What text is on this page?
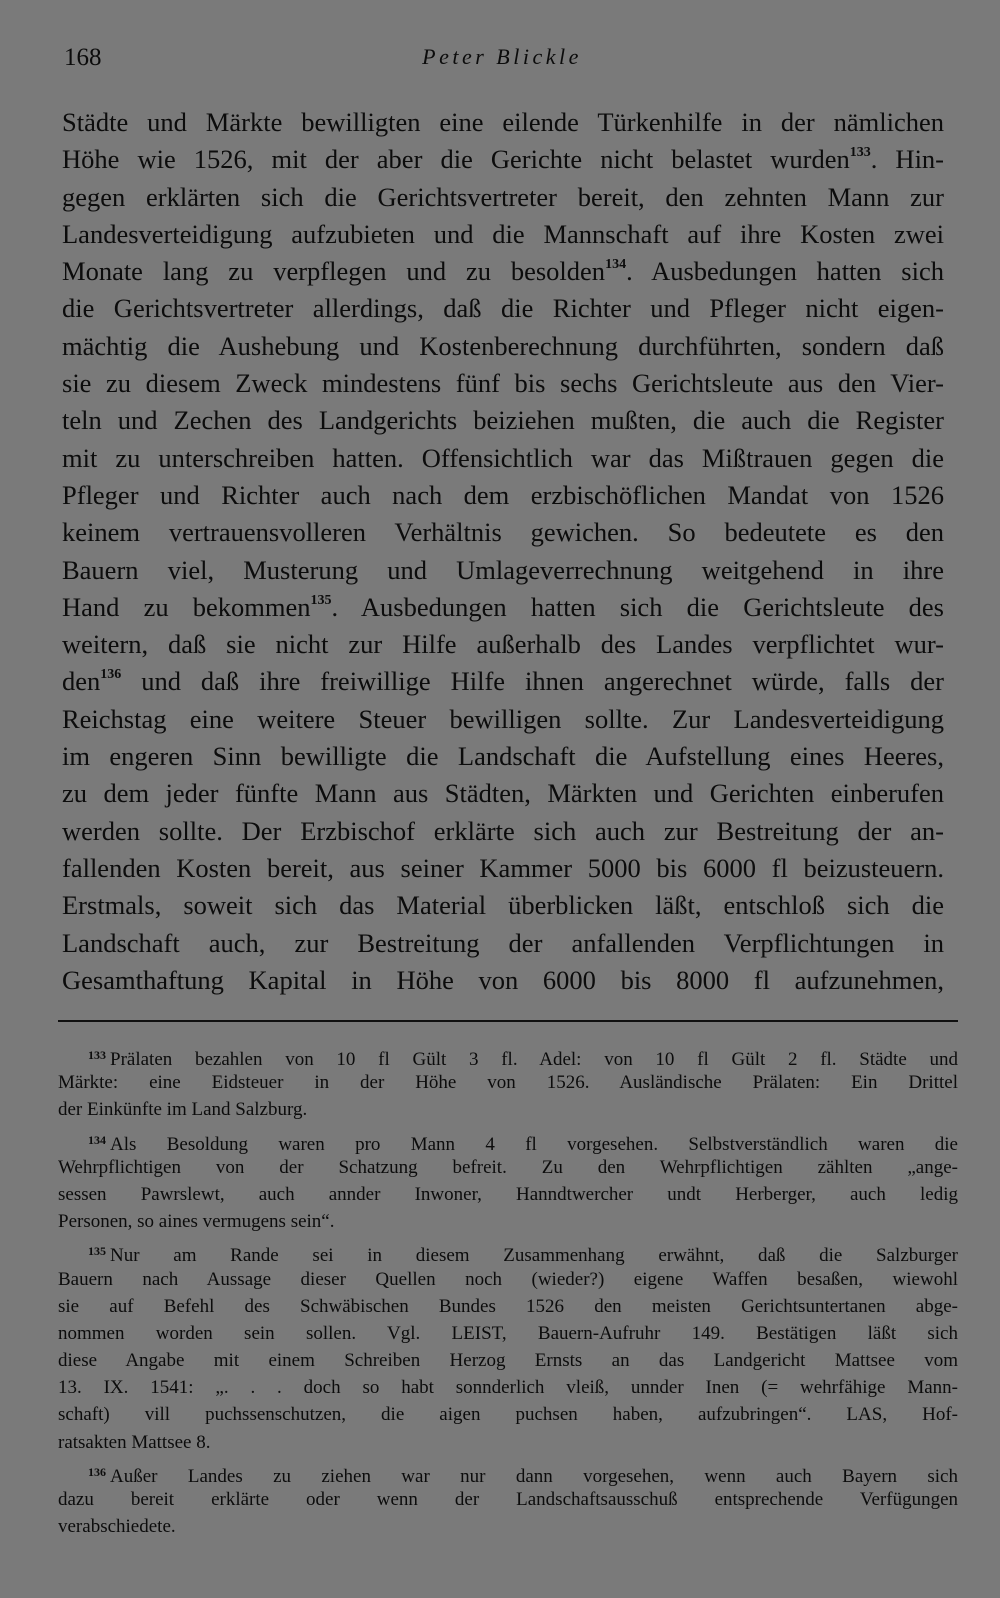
168	Peter Blickle
Städte und Märkte bewilligten eine eilende Türkenhilfe in der nämlichen
Höhe wie 1526, mit der aber die Gerichte nicht belastet wurden$^{133}$. Hin-
gegen erklärten sich die Gerichtsvertreter bereit, den zehnten Mann zur
Landesverteidigung aufzubieten und die Mannschaft auf ihre Kosten zwei
Monate lang zu verpflegen und zu besolden$^{134}$. Ausbedungen hatten sich
die Gerichtsvertreter allerdings, daß die Richter und Pfleger nicht eigen-
mächtig die Aushebung und Kostenberechnung durchführten, sondern daß
sie zu diesem Zweck mindestens fünf bis sechs Gerichtsleute aus den Vier-
teln und Zechen des Landgerichts beiziehen mußten, die auch die Register
mit zu unterschreiben hatten. Offensichtlich war das Mißtrauen gegen die
Pfleger und Richter auch nach dem erzbischöflichen Mandat von 1526
keinem vertrauensvolleren Verhältnis gewichen. So bedeutete es den
Bauern viel, Musterung und Umlageverrechnung weitgehend in ihre
Hand zu bekommen$^{135}$. Ausbedungen hatten sich die Gerichtsleute des
weitern, daß sie nicht zur Hilfe außerhalb des Landes verpflichtet wur-
den$^{136}$ und daß ihre freiwillige Hilfe ihnen angerechnet würde, falls der
Reichstag eine weitere Steuer bewilligen sollte. Zur Landesverteidigung
im engeren Sinn bewilligte die Landschaft die Aufstellung eines Heeres,
zu dem jeder fünfte Mann aus Städten, Märkten und Gerichten einberufen
werden sollte. Der Erzbischof erklärte sich auch zur Bestreitung der an-
fallenden Kosten bereit, aus seiner Kammer 5000 bis 6000 fl beizusteuern.
Erstmals, soweit sich das Material überblicken läßt, entschloß sich die
Landschaft auch, zur Bestreitung der anfallenden Verpflichtungen in
Gesamthaftung Kapital in Höhe von 6000 bis 8000 fl aufzunehmen,
$^{133}$ Prälaten bezahlen von 10 fl Gült 3 fl. Adel: von 10 fl Gült 2 fl. Städte und
Märkte: eine Eidsteuer in der Höhe von 1526. Ausländische Prälaten: Ein Drittel
der Einkünfte im Land Salzburg.
$^{134}$ Als Besoldung waren pro Mann 4 fl vorgesehen. Selbstverständlich waren die
Wehrpflichtigen von der Schatzung befreit. Zu den Wehrpflichtigen zählten „ange-
sessen Pawrslewt, auch annder Inwoner, Hanndtwercher undt Herberger, auch ledig
Personen, so aines vermugens sein“.
$^{135}$ Nur am Rande sei in diesem Zusammenhang erwähnt, daß die Salzburger
Bauern nach Aussage dieser Quellen noch (wieder?) eigene Waffen besaßen, wiewohl
sie auf Befehl des Schwäbischen Bundes 1526 den meisten Gerichtsuntertanen abge-
nommen worden sein sollen. Vgl. LEIST, Bauern-Aufruhr 149. Bestätigen läßt sich
diese Angabe mit einem Schreiben Herzog Ernsts an das Landgericht Mattsee vom
13. IX. 1541: „. . . doch so habt sonnderlich vleiß, unnder Inen (= wehrfähige Mann-
schaft) vill puchssenschutzen, die aigen puchsen haben, aufzubringen“. LAS, Hof-
ratsakten Mattsee 8.
$^{136}$ Außer Landes zu ziehen war nur dann vorgesehen, wenn auch Bayern sich
dazu bereit erklärte oder wenn der Landschaftsausschuß entsprechende Verfügungen
verabschiedete.
